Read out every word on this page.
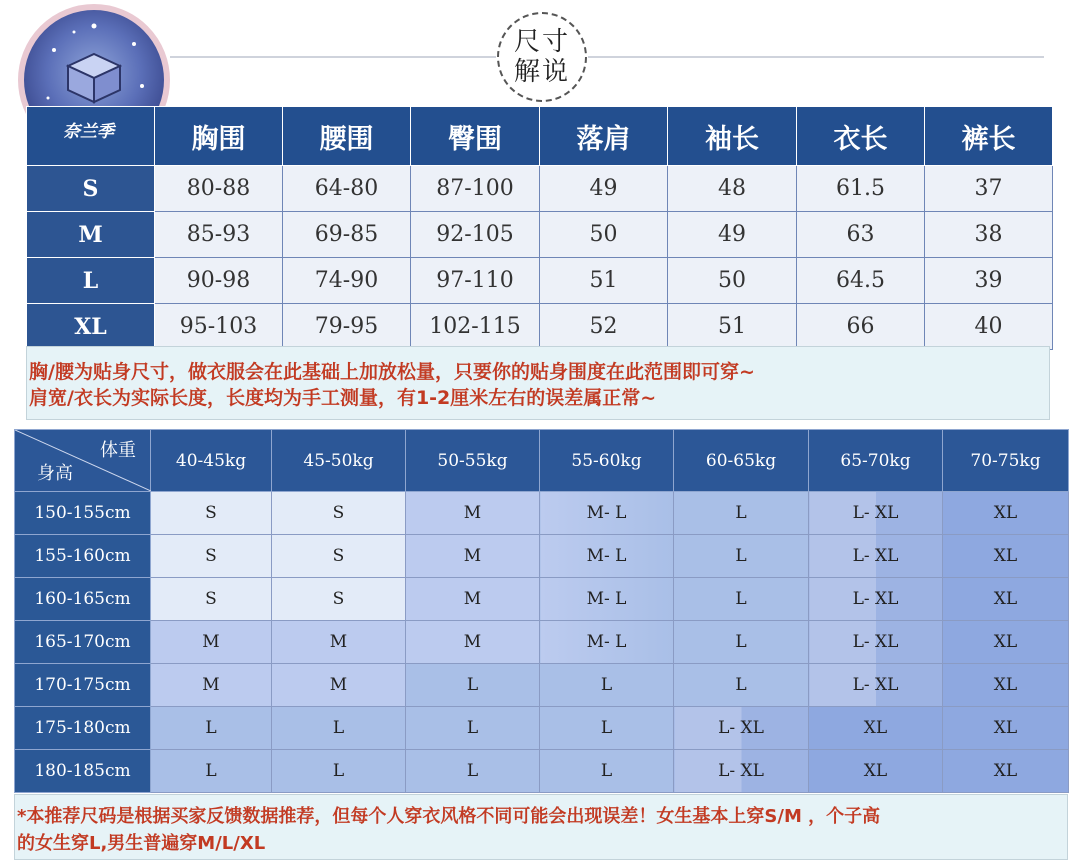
尺寸
解说
奈兰季	胸围	腰围	臀围	落肩	袖长	衣长	裤长
S	80-88	64-80	87-100	49	48	61.5	37
M	85-93	69-85	92-105	50	49	63	38
L	90-98	74-90	97-110	51	50	64.5	39
XL	95-103	79-95	102-115	52	51	66	40
胸/腰为贴身尺寸，做衣服会在此基础上加放松量，只要你的贴身围度在此范围即可穿~
肩宽/衣长为实际长度，长度均为手工测量，有1-2厘米左右的误差属正常~
体重
身高	40-45kg	45-50kg	50-55kg	55-60kg	60-65kg	65-70kg	70-75kg
150-155cm	S	S	M	M- L	L	L- XL	XL
155-160cm	S	S	M	M- L	L	L- XL	XL
160-165cm	S	S	M	M- L	L	L- XL	XL
165-170cm	M	M	M	M- L	L	L- XL	XL
170-175cm	M	M	L	L	L	L- XL	XL
175-180cm	L	L	L	L	L- XL	XL	XL
180-185cm	L	L	L	L	L- XL	XL	XL
*本推荐尺码是根据买家反馈数据推荐，但每个人穿衣风格不同可能会出现误差！女生基本上穿S/M ，个子高
的女生穿L,男生普遍穿M/L/XL
